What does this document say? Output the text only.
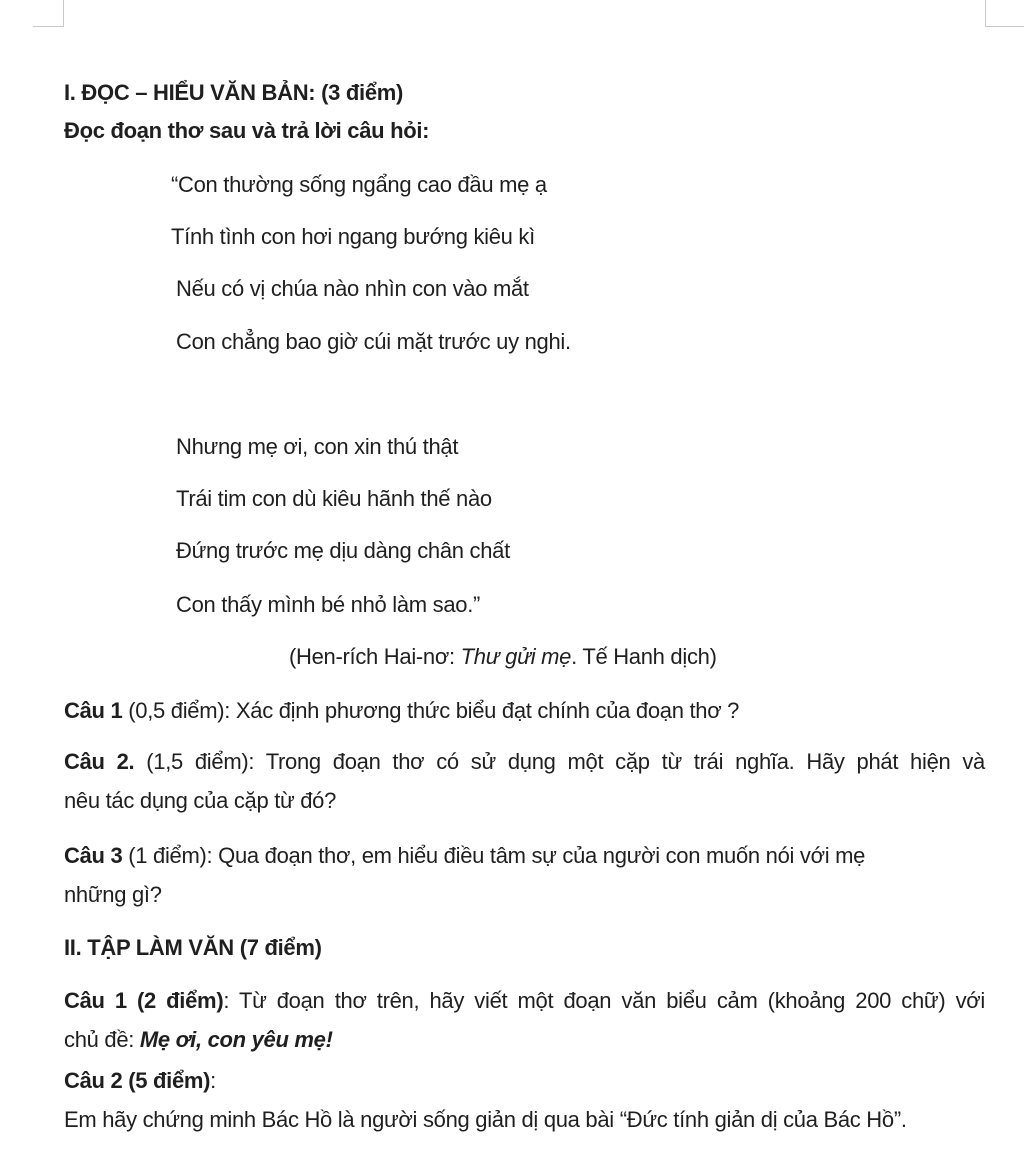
I. ĐỌC – HIỂU VĂN BẢN: (3 điểm)
Đọc đoạn thơ sau và trả lời câu hỏi:
“Con thường sống ngẩng cao đầu mẹ ạ
Tính tình con hơi ngang bướng kiêu kì
Nếu có vị chúa nào nhìn con vào mắt
Con chẳng bao giờ cúi mặt trước uy nghi.
Nhưng mẹ ơi, con xin thú thật
Trái tim con dù kiêu hãnh thế nào
Đứng trước mẹ dịu dàng chân chất
Con thấy mình bé nhỏ làm sao.”
(Hen-rích Hai-nơ: Thư gửi mẹ. Tế Hanh dịch)
Câu 1 (0,5 điểm): Xác định phương thức biểu đạt chính của đoạn thơ ?
Câu 2. (1,5 điểm): Trong đoạn thơ có sử dụng một cặp từ trái nghĩa. Hãy phát hiện và
nêu tác dụng của cặp từ đó?
Câu 3 (1 điểm): Qua đoạn thơ, em hiểu điều tâm sự của người con muốn nói với mẹ
những gì?
II. TẬP LÀM VĂN (7 điểm)
Câu 1 (2 điểm): Từ đoạn thơ trên, hãy viết một đoạn văn biểu cảm (khoảng 200 chữ) với
chủ đề: Mẹ ơi, con yêu mẹ!
Câu 2 (5 điểm):
Em hãy chứng minh Bác Hồ là người sống giản dị qua bài “Đức tính giản dị của Bác Hồ”.
